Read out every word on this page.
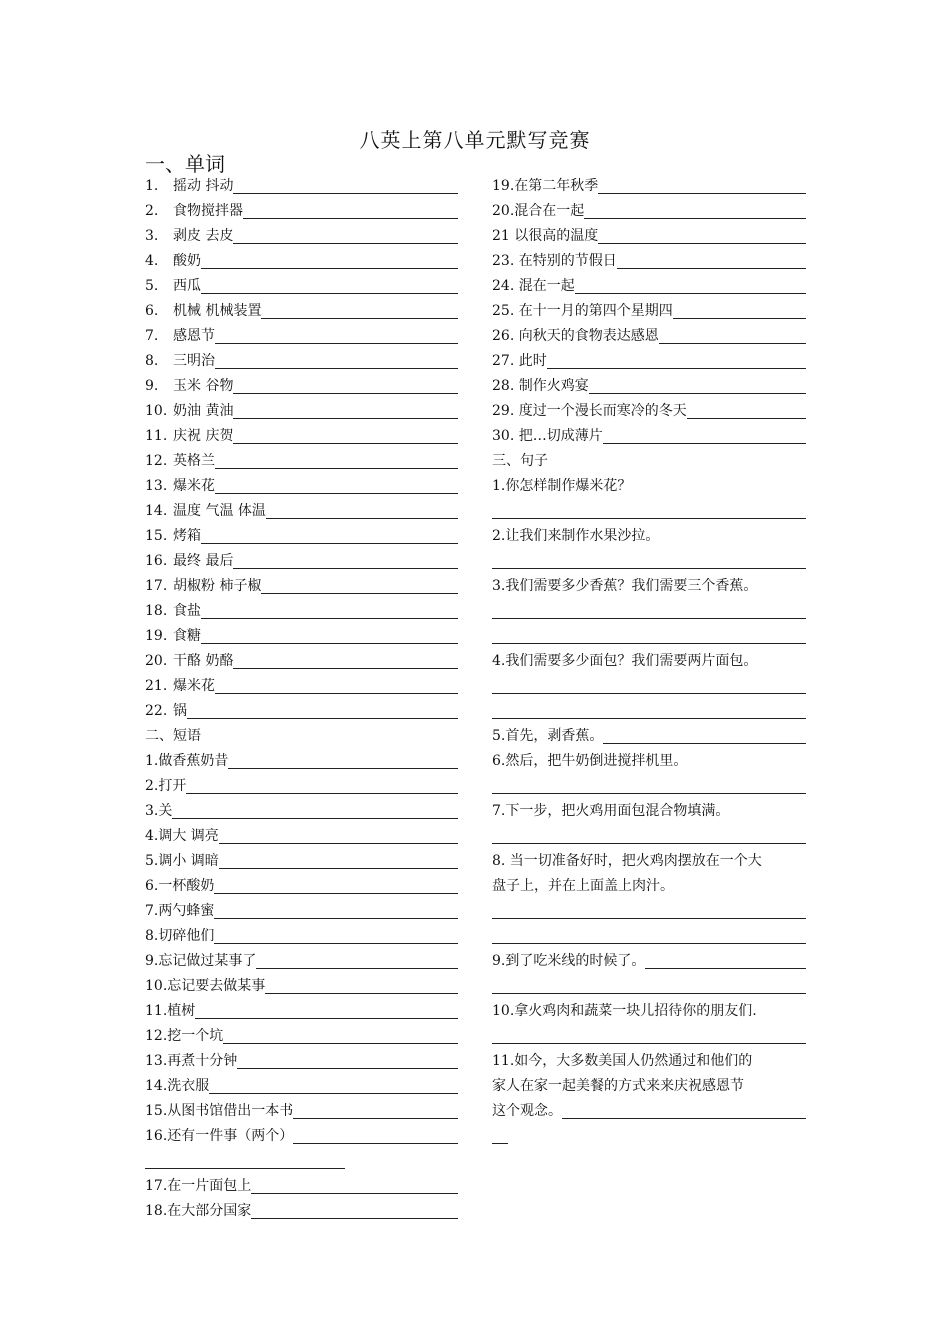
八英上第八单元默写竞赛
一、单词
1.	摇动 抖动
2.	食物搅拌器
3.	剥皮 去皮
4.	酸奶
5.	西瓜
6.	机械 机械装置
7.	感恩节
8.	三明治
9.	玉米 谷物
10. 奶油 黄油
11. 庆祝 庆贺
12. 英格兰
13. 爆米花
14. 温度 气温 体温
15. 烤箱
16. 最终 最后
17. 胡椒粉 柿子椒
18. 食盐
19. 食糖
20. 干酪 奶酪
21. 爆米花
22. 锅
二、短语
1.做香蕉奶昔
2.打开
3.关
4.调大 调亮
5.调小 调暗
6.一杯酸奶
7.两勺蜂蜜
8.切碎他们
9.忘记做过某事了
10.忘记要去做某事
11.植树
12.挖一个坑
13.再煮十分钟
14.洗衣服
15.从图书馆借出一本书
16.还有一件事（两个）
17.在一片面包上
18.在大部分国家
19.在第二年秋季
20.混合在一起
21 以很高的温度
23. 在特别的节假日
24. 混在一起
25. 在十一月的第四个星期四
26. 向秋天的食物表达感恩
27. 此时
28. 制作火鸡宴
29. 度过一个漫长而寒冷的冬天
30. 把…切成薄片
三、句子
1.你怎样制作爆米花？
2.让我们来制作水果沙拉。
3.我们需要多少香蕉？我们需要三个香蕉。
4.我们需要多少面包？我们需要两片面包。
5.首先，剥香蕉。
6.然后，把牛奶倒进搅拌机里。
7.下一步，把火鸡用面包混合物填满。
8. 当一切准备好时，把火鸡肉摆放在一个大
盘子上，并在上面盖上肉汁。
9.到了吃米线的时候了。
10.拿火鸡肉和蔬菜一块儿招待你的朋友们.
11.如今，大多数美国人仍然通过和他们的
家人在家一起美餐的方式来来庆祝感恩节
这个观念。
